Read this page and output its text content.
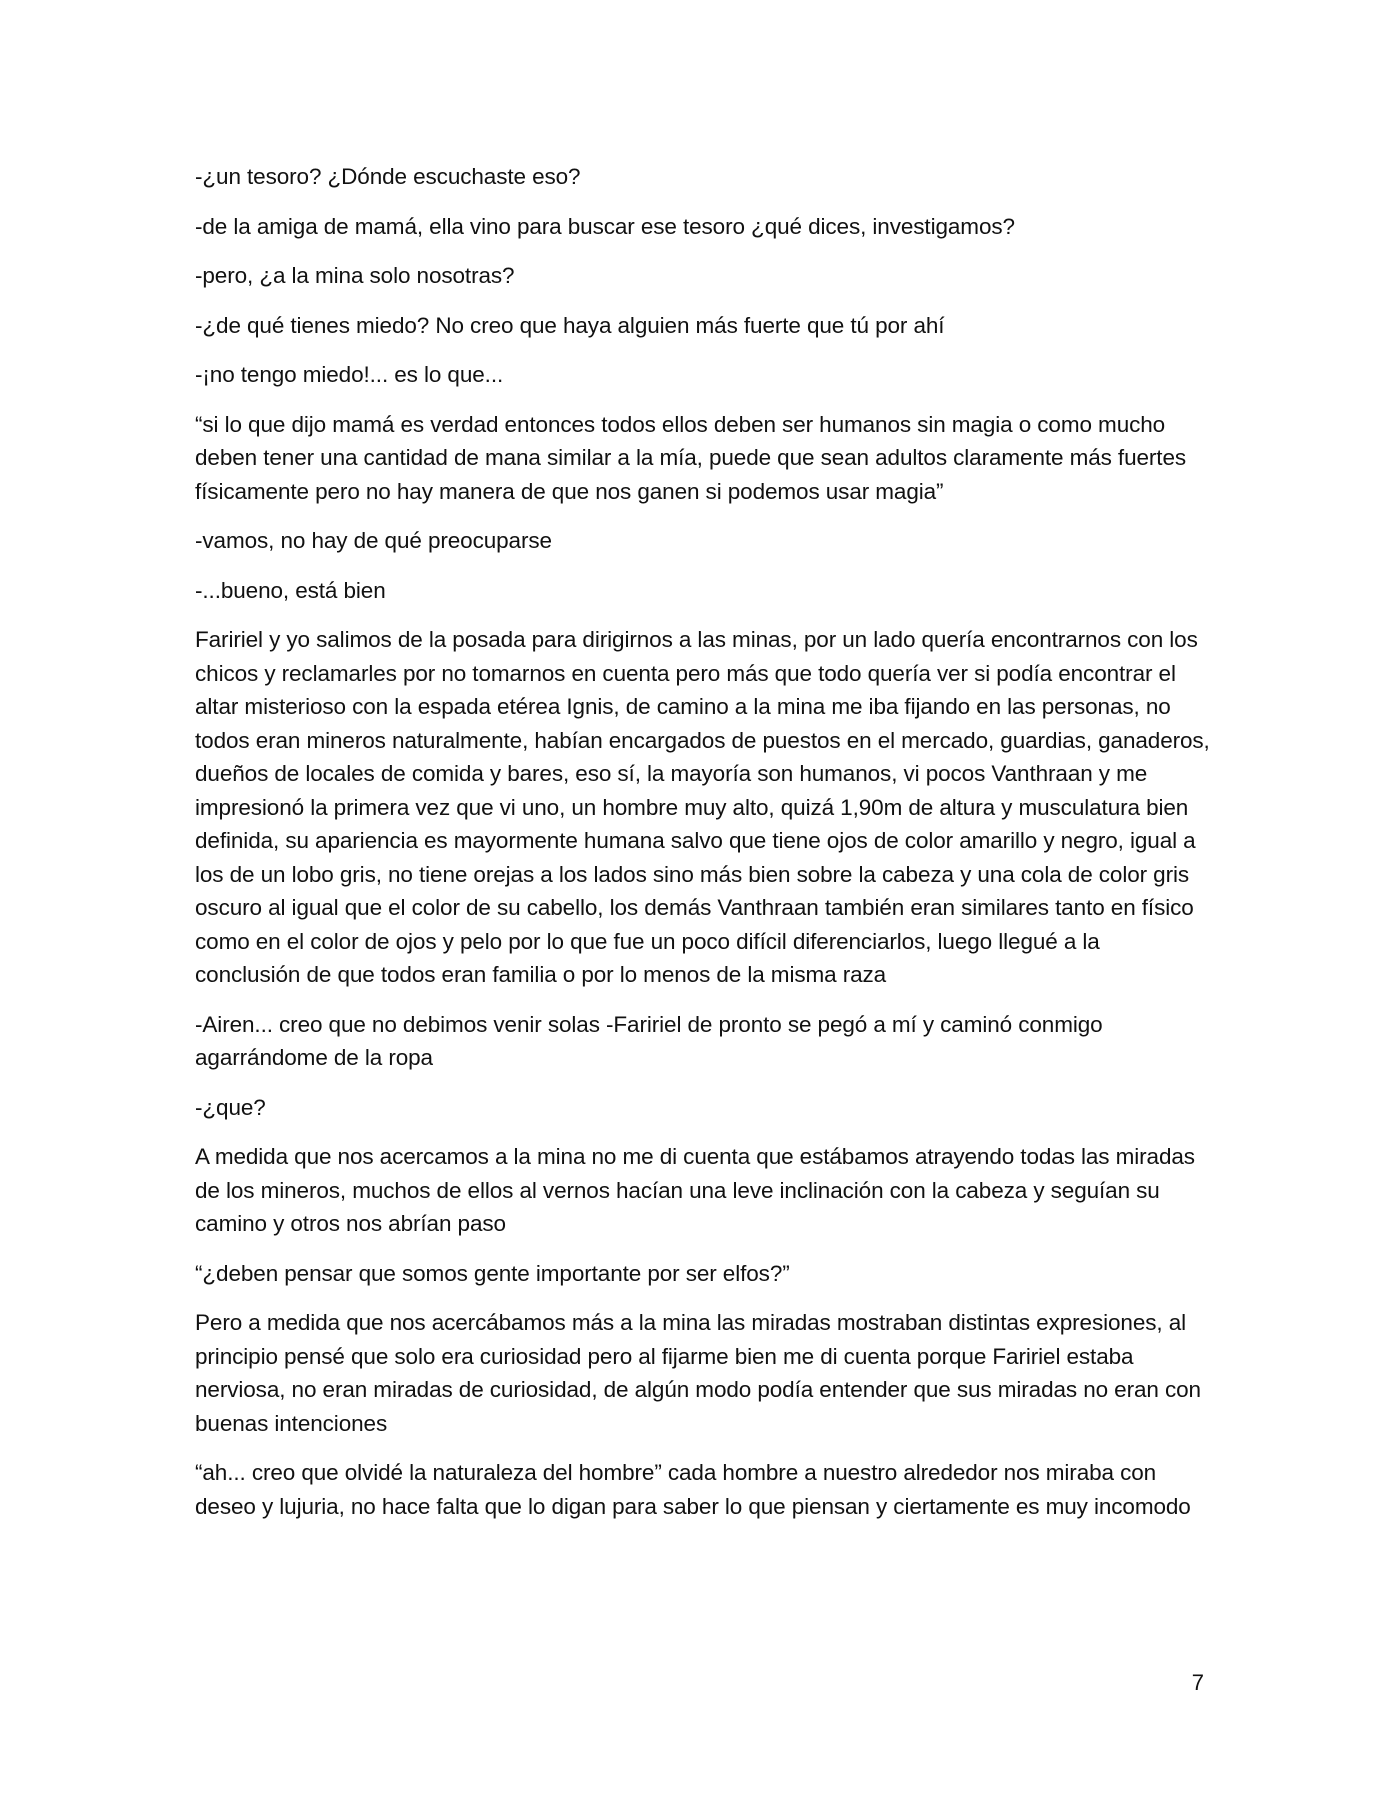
-¿un tesoro? ¿Dónde escuchaste eso?

-de la amiga de mamá, ella vino para buscar ese tesoro ¿qué dices, investigamos?

-pero, ¿a la mina solo nosotras?

-¿de qué tienes miedo? No creo que haya alguien más fuerte que tú por ahí

-¡no tengo miedo!... es lo que...

“si lo que dijo mamá es verdad entonces todos ellos deben ser humanos sin magia o como mucho deben tener una cantidad de mana similar a la mía, puede que sean adultos claramente más fuertes físicamente pero no hay manera de que nos ganen si podemos usar magia”

-vamos, no hay de qué preocuparse

-...bueno, está bien

Faririel y yo salimos de la posada para dirigirnos a las minas, por un lado quería encontrarnos con los chicos y reclamarles por no tomarnos en cuenta pero más que todo quería ver si podía encontrar el altar misterioso con la espada etérea Ignis, de camino a la mina me iba fijando en las personas, no todos eran mineros naturalmente, habían encargados de puestos en el mercado, guardias, ganaderos, dueños de locales de comida y bares, eso sí, la mayoría son humanos, vi pocos Vanthraan y me impresionó la primera vez que vi uno, un hombre muy alto, quizá 1,90m de altura y musculatura bien definida, su apariencia es mayormente humana salvo que tiene ojos de color amarillo y negro, igual a los de un lobo gris, no tiene orejas a los lados sino más bien sobre la cabeza y una cola de color gris oscuro al igual que el color de su cabello, los demás Vanthraan también eran similares tanto en físico como en el color de ojos y pelo por lo que fue un poco difícil diferenciarlos, luego llegué a la conclusión de que todos eran familia o por lo menos de la misma raza

-Airen... creo que no debimos venir solas -Faririel de pronto se pegó a mí y caminó conmigo agarrándome de la ropa

-¿que?

A medida que nos acercamos a la mina no me di cuenta que estábamos atrayendo todas las miradas de los mineros, muchos de ellos al vernos hacían una leve inclinación con la cabeza y seguían su camino y otros nos abrían paso

“¿deben pensar que somos gente importante por ser elfos?”

Pero a medida que nos acercábamos más a la mina las miradas mostraban distintas expresiones, al principio pensé que solo era curiosidad pero al fijarme bien me di cuenta porque Faririel estaba nerviosa, no eran miradas de curiosidad, de algún modo podía entender que sus miradas no eran con buenas intenciones

“ah... creo que olvidé la naturaleza del hombre” cada hombre a nuestro alrededor nos miraba con deseo y lujuria, no hace falta que lo digan para saber lo que piensan y ciertamente es muy incomodo

7
